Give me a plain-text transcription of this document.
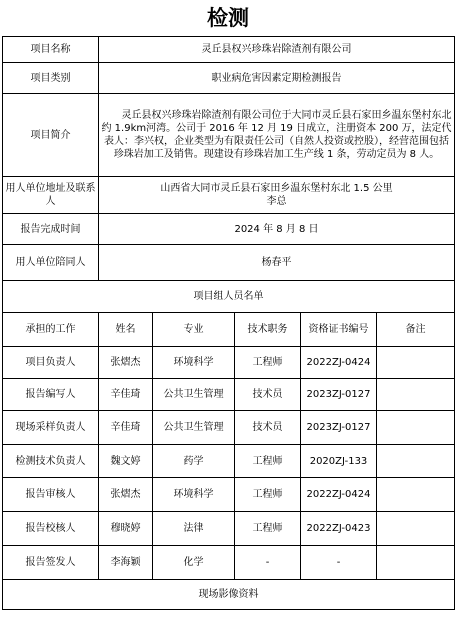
检测
项目名称	灵丘县权兴珍珠岩除渣剂有限公司				
项目类别	职业病危害因素定期检测报告				
项目简介	灵丘县权兴珍珠岩除渣剂有限公司位于大同市灵丘县石家田乡温东堡村东北约 1.9km河湾。公司于 2016 年 12 月 19 日成立，注册资本 200 万，法定代表人：李兴权，企业类型为有限责任公司（自然人投资或控股），经营范围包括珍珠岩加工及销售。现建设有珍珠岩加工生产线 1 条，劳动定员为 8 人。				

用人单位地址及联系人	山西省大同市灵丘县石家田乡温东堡村东北 1.5 公里
李总				

报告完成时间	2024 年 8 月 8 日				
用人单位陪同人	杨春平				
项目组人员名单					
承担的工作	姓名	专业	技术职务	资格证书编号	备注
项目负责人	张熠杰	环境科学	工程师	2022ZJ-0424	
报告编写人	辛佳琦	公共卫生管理	技术员	2023ZJ-0127	
现场采样负责人	辛佳琦	公共卫生管理	技术员	2023ZJ-0127	
检测技术负责人	魏文婷	药学	工程师	2020ZJ-133	
报告审核人	张熠杰	环境科学	工程师	2022ZJ-0424	
报告校核人	穆晓婷	法律	工程师	2022ZJ-0423	
报告签发人	李海颖	化学	-	-	
现场影像资料					
